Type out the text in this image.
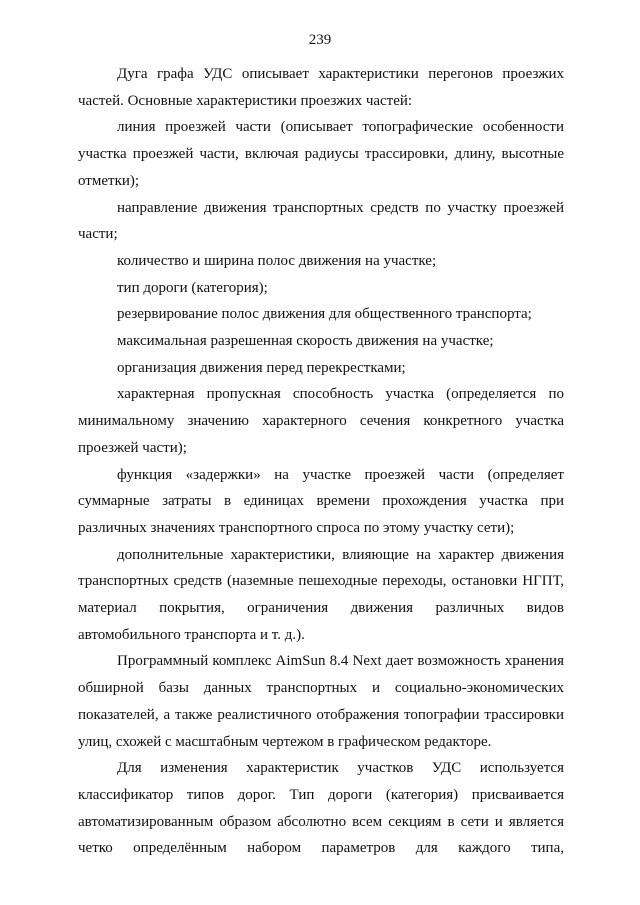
239
Дуга графа УДС описывает характеристики перегонов проезжих
частей. Основные характеристики проезжих частей:
линия проезжей части (описывает топографические особенности
участка проезжей части, включая радиусы трассировки, длину, высотные
отметки);
направление движения транспортных средств по участку проезжей
части;
количество и ширина полос движения на участке;
тип дороги (категория);
резервирование полос движения для общественного транспорта;
максимальная разрешенная скорость движения на участке;
организация движения перед перекрестками;
характерная пропускная способность участка (определяется по
минимальному значению характерного сечения конкретного участка
проезжей части);
функция «задержки» на участке проезжей части (определяет
суммарные затраты в единицах времени прохождения участка при
различных значениях транспортного спроса по этому участку сети);
дополнительные характеристики, влияющие на характер движения
транспортных средств (наземные пешеходные переходы, остановки НГПТ,
материал покрытия, ограничения движения различных видов
автомобильного транспорта и т. д.).
Программный комплекс AimSun 8.4 Next дает возможность хранения
обширной базы данных транспортных и социально-экономических
показателей, а также реалистичного отображения топографии трассировки
улиц, схожей с масштабным чертежом в графическом редакторе.
Для изменения характеристик участков УДС используется
классификатор типов дорог. Тип дороги (категория) присваивается
автоматизированным образом абсолютно всем секциям в сети и является
четко определённым набором параметров для каждого типа,
